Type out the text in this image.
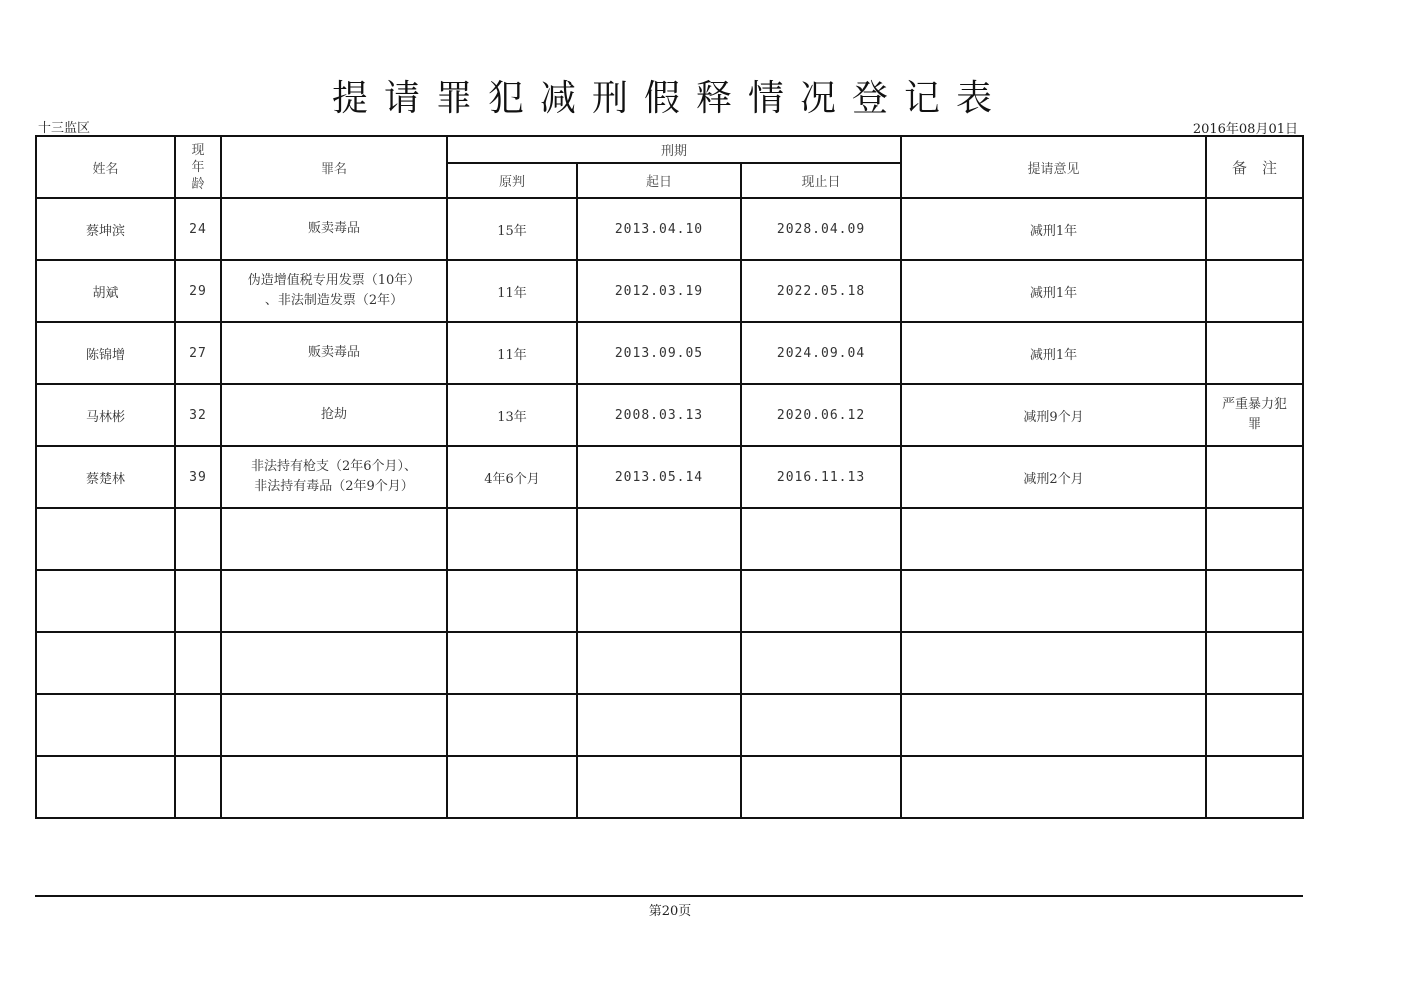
提请罪犯减刑假释情况登记表
十三监区	2016年08月01日
姓名	现
年
龄	罪名	刑期			提请意见	备　注
			原判	起日	现止日		
蔡坤滨	24	贩卖毒品	15年	2013.04.10	2028.04.09	减刑1年	

胡斌	29	伪造增值税专用发票（10年）
、非法制造发票（2年）	11年	2012.03.19	2022.05.18	减刑1年	

陈锦增	27	贩卖毒品	11年	2013.09.05	2024.09.04	减刑1年	

马林彬	32	抢劫	13年	2008.03.13	2020.06.12	减刑9个月	严重暴力犯
罪
蔡楚林	39	非法持有枪支（2年6个月）、
非法持有毒品（2年9个月）	4年6个月	2013.05.14	2016.11.13	减刑2个月	

第20页
